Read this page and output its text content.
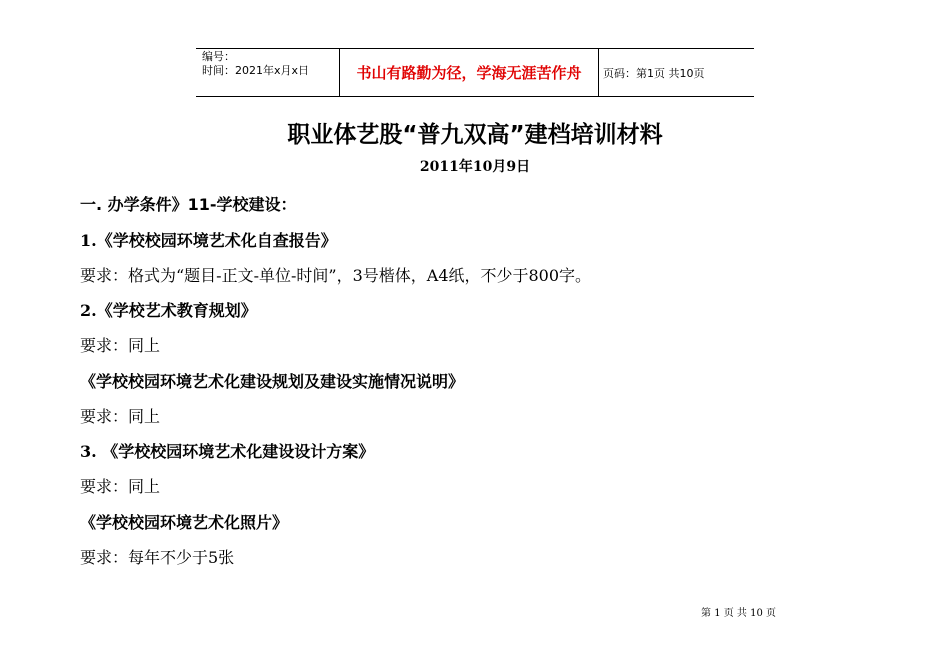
编号：
时间：2021年x月x日	书山有路勤为径，学海无涯苦作舟	页码：第1页 共10页
职业体艺股“普九双高”建档培训材料
2011年10月9日
一. 办学条件》11-学校建设：
1.《学校校园环境艺术化自查报告》
要求：格式为“题目-正文-单位-时间”，3号楷体，A4纸，不少于800字。
2.《学校艺术教育规划》
要求：同上
《学校校园环境艺术化建设规划及建设实施情况说明》
要求：同上
3. 《学校校园环境艺术化建设设计方案》
要求：同上
《学校校园环境艺术化照片》
要求：每年不少于5张
第 1 页 共 10 页
